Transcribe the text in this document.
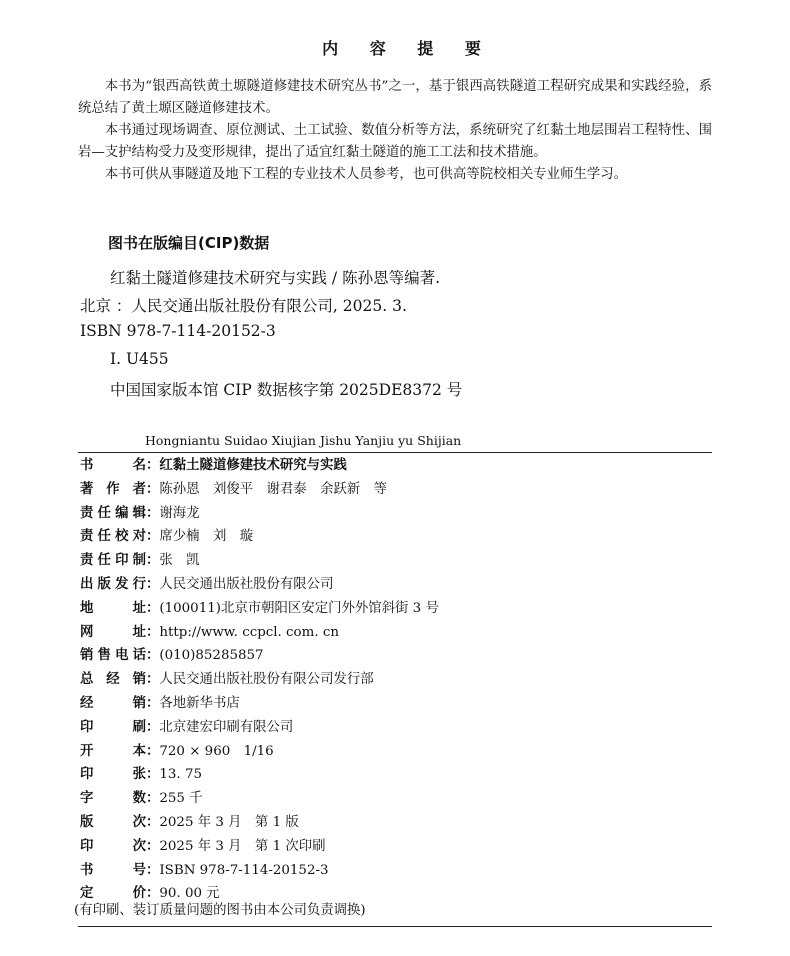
内 容 提 要

本书为“银西高铁黄土塬隧道修建技术研究丛书”之一，基于银西高铁隧道工程研究成果和实践经验，系统总结了黄土塬区隧道修建技术。

本书通过现场调查、原位测试、土工试验、数值分析等方法，系统研究了红黏土地层围岩工程特性、围岩—支护结构受力及变形规律，提出了适宜红黏土隧道的施工工法和技术措施。

本书可供从事隧道及地下工程的专业技术人员参考，也可供高等院校相关专业师生学习。

图书在版编目(CIP)数据
红黏土隧道修建技术研究与实践 / 陈孙恩等编著.
北京 ：人民交通出版社股份有限公司, 2025. 3.
ISBN 978-7-114-20152-3
Ⅰ. U455
中国国家版本馆 CIP 数据核字第 2025DE8372 号
Hongniantu Suidao Xiujian Jishu Yanjiu yu Shijian
书名：红黏土隧道修建技术研究与实践
著作者：陈孙恩　刘俊平　谢君泰　余跃新　等
责任编辑：谢海龙
责任校对：席少楠　刘　璇
责任印制：张　凯
出版发行：人民交通出版社股份有限公司
地址：(100011)北京市朝阳区安定门外外馆斜街 3 号
网址：http://www. ccpcl. com. cn
销售电话：(010)85285857
总经销：人民交通出版社股份有限公司发行部
经销：各地新华书店
印刷：北京建宏印刷有限公司
开本：720 × 960　1/16
印张：13. 75
字数：255 千
版次：2025 年 3 月　第 1 版
印次：2025 年 3 月　第 1 次印刷
书号：ISBN 978-7-114-20152-3
定价：90. 00 元
(有印刷、装订质量问题的图书由本公司负责调换)
